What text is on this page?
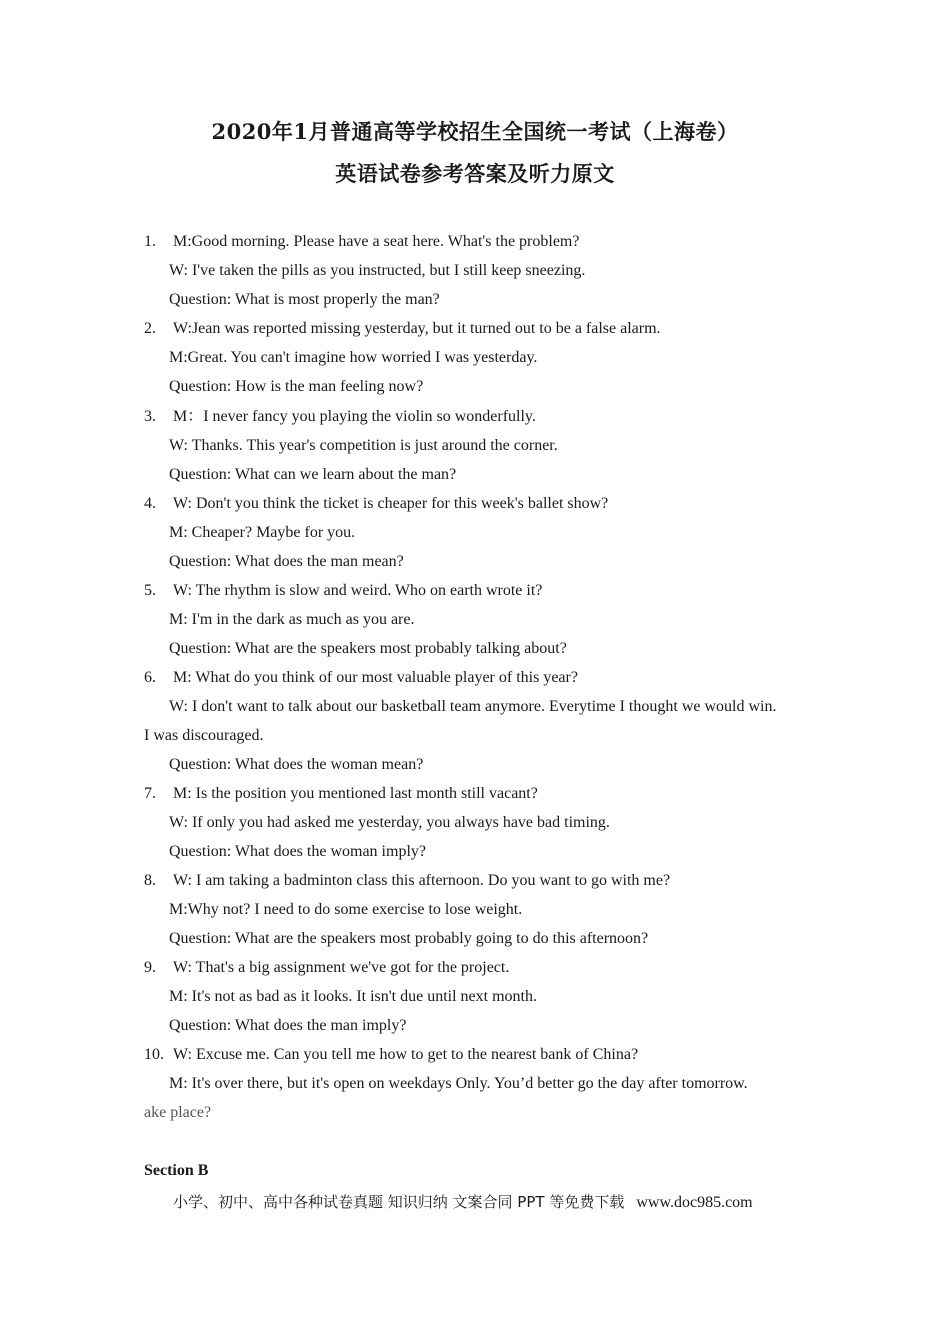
2020年1月普通高等学校招生全国统一考试（上海卷）
英语试卷参考答案及听力原文
1. M:Good morning. Please have a seat here. What's the problem?
W: I've taken the pills as you instructed, but I still keep sneezing.
Question: What is most properly the man?
2. W:Jean was reported missing yesterday, but it turned out to be a false alarm.
M:Great. You can't imagine how worried I was yesterday.
Question: How is the man feeling now?
3. M：I never fancy you playing the violin so wonderfully.
W: Thanks. This year's competition is just around the corner.
Question: What can we learn about the man?
4. W: Don't you think the ticket is cheaper for this week's ballet show?
M: Cheaper? Maybe for you.
Question: What does the man mean?
5. W: The rhythm is slow and weird. Who on earth wrote it?
M: I'm in the dark as much as you are.
Question: What are the speakers most probably talking about?
6. M: What do you think of our most valuable player of this year?
W: I don't want to talk about our basketball team anymore. Everytime I thought we would win.
I was discouraged.
Question: What does the woman mean?
7. M: Is the position you mentioned last month still vacant?
W: If only you had asked me yesterday, you always have bad timing.
Question: What does the woman imply?
8. W: I am taking a badminton class this afternoon. Do you want to go with me?
M:Why not? I need to do some exercise to lose weight.
Question: What are the speakers most probably going to do this afternoon?
9. W: That's a big assignment we've got for the project.
M: It's not as bad as it looks. It isn't due until next month.
Question: What does the man imply?
10. W: Excuse me. Can you tell me how to get to the nearest bank of China?
M: It's over there, but it's open on weekdays Only. You’d better go the day after tomorrow.
ake place?
Section B
小学、初中、高中各种试卷真题 知识归纳 文案合同 PPT 等免费下载 www.doc985.com
